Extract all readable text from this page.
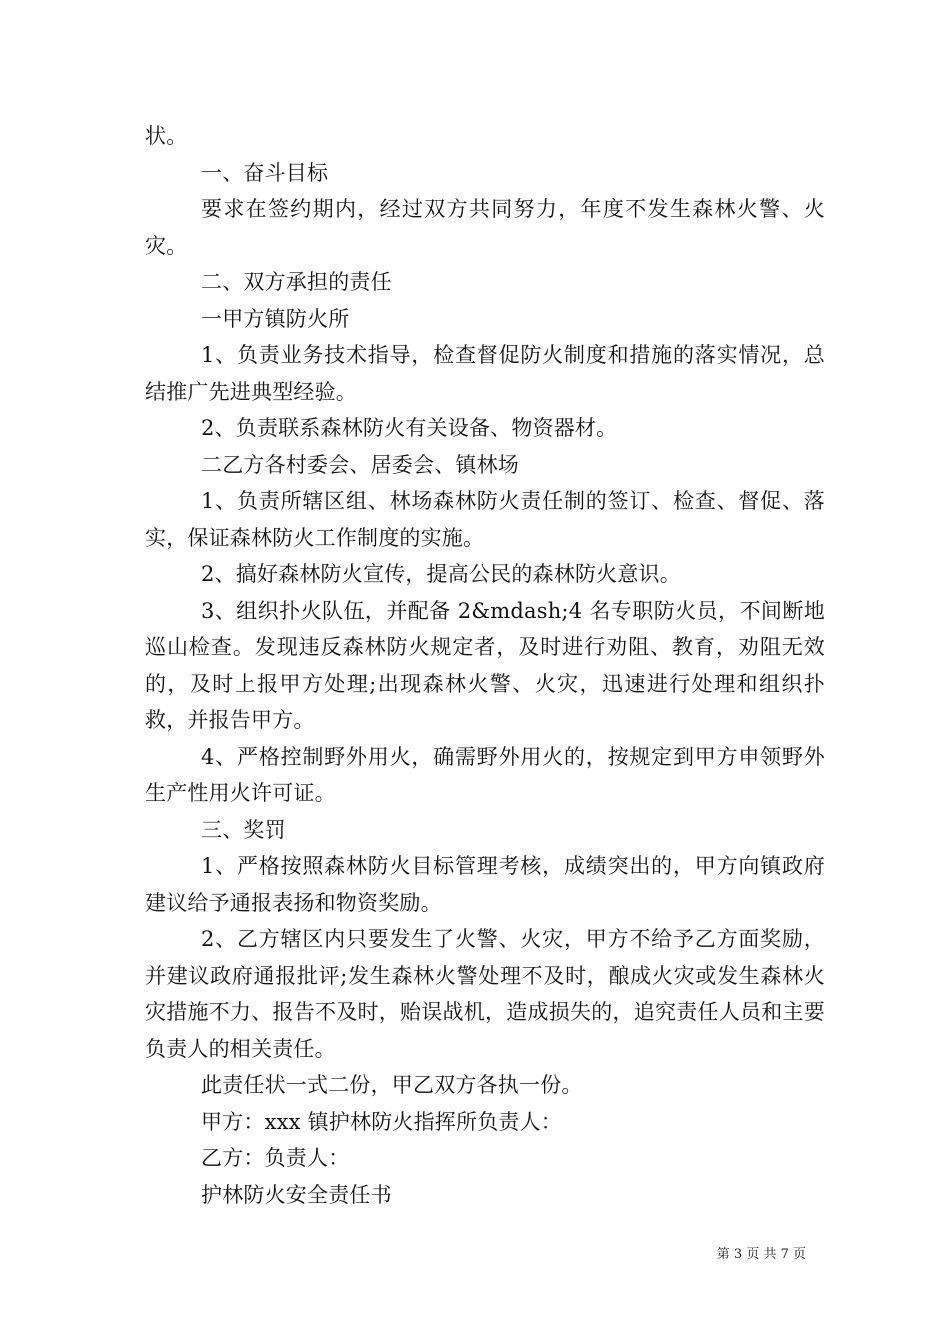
状。

一、奋斗目标

要求在签约期内，经过双方共同努力，年度不发生森林火警、火灾。

二、双方承担的责任

一甲方镇防火所

1、负责业务技术指导，检查督促防火制度和措施的落实情况，总结推广先进典型经验。

2、负责联系森林防火有关设备、物资器材。

二乙方各村委会、居委会、镇林场

1、负责所辖区组、林场森林防火责任制的签订、检查、督促、落实，保证森林防火工作制度的实施。

2、搞好森林防火宣传，提高公民的森林防火意识。

3、组织扑火队伍，并配备 2&mdash;4 名专职防火员，不间断地巡山检查。发现违反森林防火规定者，及时进行劝阻、教育，劝阻无效的，及时上报甲方处理;出现森林火警、火灾，迅速进行处理和组织扑救，并报告甲方。

4、严格控制野外用火，确需野外用火的，按规定到甲方申领野外生产性用火许可证。

三、奖罚

1、严格按照森林防火目标管理考核，成绩突出的，甲方向镇政府建议给予通报表扬和物资奖励。

2、乙方辖区内只要发生了火警、火灾，甲方不给予乙方面奖励，并建议政府通报批评;发生森林火警处理不及时，酿成火灾或发生森林火灾措施不力、报告不及时，贻误战机，造成损失的，追究责任人员和主要负责人的相关责任。

此责任状一式二份，甲乙双方各执一份。

甲方：xxx 镇护林防火指挥所负责人：

乙方：负责人：

护林防火安全责任书

第 3 页 共 7 页
